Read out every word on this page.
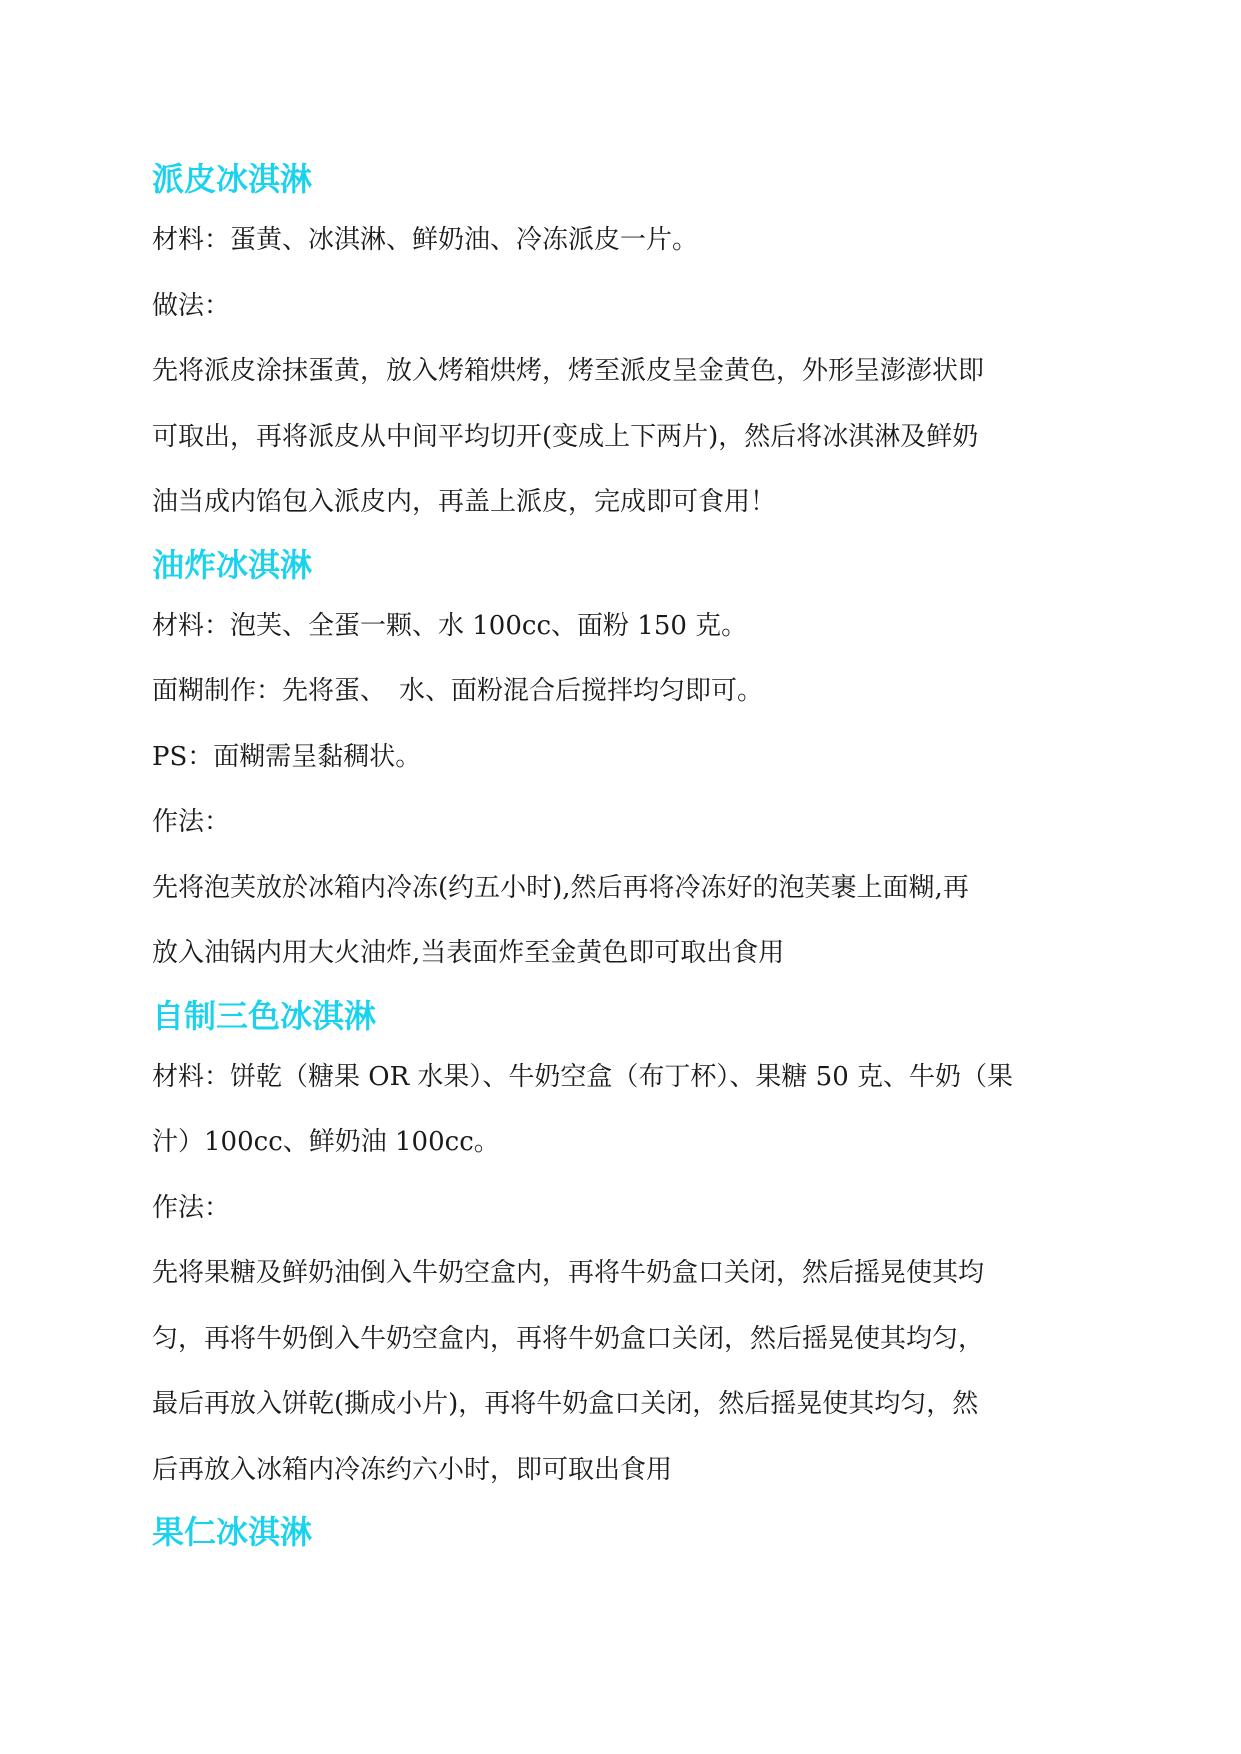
派皮冰淇淋
材料：蛋黄、冰淇淋、鲜奶油、冷冻派皮一片。
做法：
先将派皮涂抹蛋黄，放入烤箱烘烤，烤至派皮呈金黄色，外形呈澎澎状即
可取出，再将派皮从中间平均切开(变成上下两片)，然后将冰淇淋及鲜奶
油当成内馅包入派皮内，再盖上派皮，完成即可食用！
油炸冰淇淋
材料：泡芙、全蛋一颗、水 100cc、面粉 150 克。
面糊制作：先将蛋、　水、面粉混合后搅拌均匀即可。
PS：面糊需呈黏稠状。
作法：
先将泡芙放於冰箱内冷冻(约五小时),然后再将冷冻好的泡芙裹上面糊,再
放入油锅内用大火油炸,当表面炸至金黄色即可取出食用
自制三色冰淇淋
材料：饼乾（糖果 OR 水果）、牛奶空盒（布丁杯）、果糖 50 克、牛奶（果
汁）100cc、鲜奶油 100cc。
作法：
先将果糖及鲜奶油倒入牛奶空盒内，再将牛奶盒口关闭，然后摇晃使其均
匀，再将牛奶倒入牛奶空盒内，再将牛奶盒口关闭，然后摇晃使其均匀，
最后再放入饼乾(撕成小片)，再将牛奶盒口关闭，然后摇晃使其均匀，然
后再放入冰箱内冷冻约六小时，即可取出食用
果仁冰淇淋
